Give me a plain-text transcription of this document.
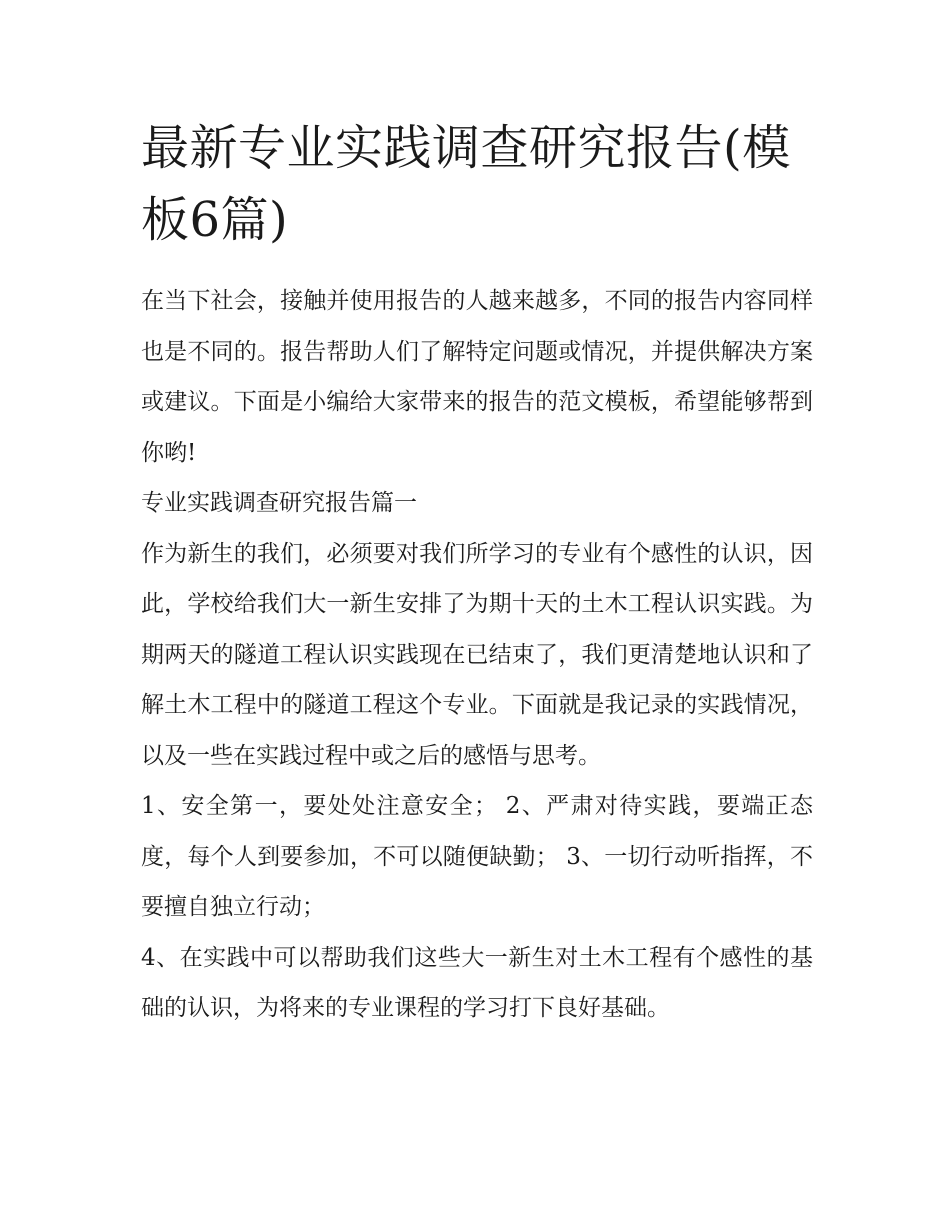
最新专业实践调查研究报告(模板6篇)

在当下社会，接触并使用报告的人越来越多，不同的报告内容同样也是不同的。报告帮助人们了解特定问题或情况，并提供解决方案或建议。下面是小编给大家带来的报告的范文模板，希望能够帮到你哟!

专业实践调查研究报告篇一

作为新生的我们，必须要对我们所学习的专业有个感性的认识，因此，学校给我们大一新生安排了为期十天的土木工程认识实践。为期两天的隧道工程认识实践现在已结束了，我们更清楚地认识和了解土木工程中的隧道工程这个专业。下面就是我记录的实践情况，以及一些在实践过程中或之后的感悟与思考。

1、安全第一，要处处注意安全； 2、严肃对待实践，要端正态度，每个人到要参加，不可以随便缺勤； 3、一切行动听指挥，不要擅自独立行动；

4、在实践中可以帮助我们这些大一新生对土木工程有个感性的基础的认识，为将来的专业课程的学习打下良好基础。
